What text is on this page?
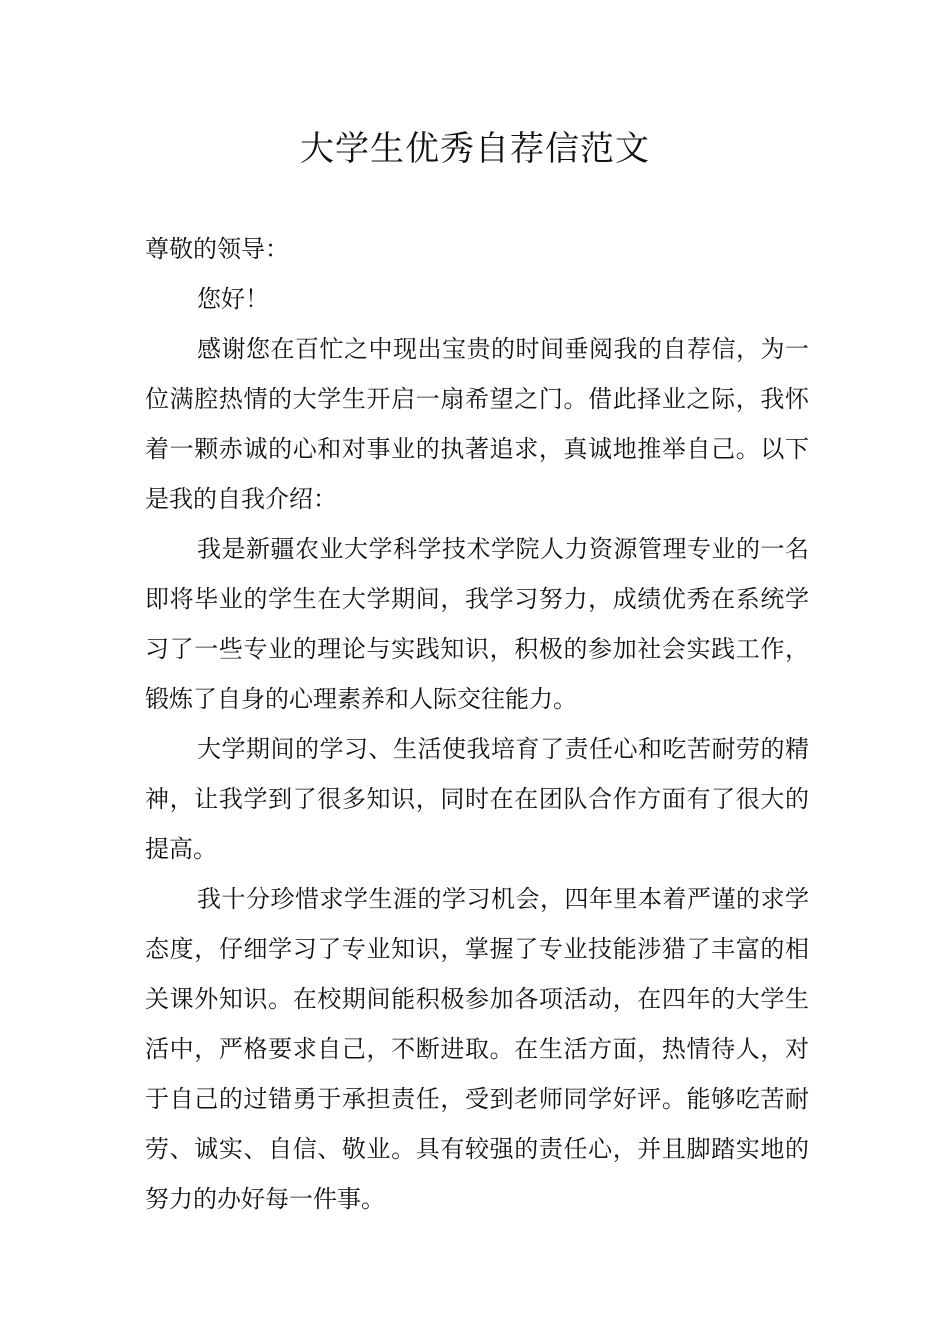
大学生优秀自荐信范文

尊敬的领导：

您好！

感谢您在百忙之中现出宝贵的时间垂阅我的自荐信，为一位满腔热情的大学生开启一扇希望之门。借此择业之际，我怀着一颗赤诚的心和对事业的执著追求，真诚地推举自己。以下是我的自我介绍：

我是新疆农业大学科学技术学院人力资源管理专业的一名即将毕业的学生在大学期间，我学习努力，成绩优秀在系统学习了一些专业的理论与实践知识，积极的参加社会实践工作，锻炼了自身的心理素养和人际交往能力。

大学期间的学习、生活使我培育了责任心和吃苦耐劳的精神，让我学到了很多知识，同时在在团队合作方面有了很大的提高。

我十分珍惜求学生涯的学习机会，四年里本着严谨的求学态度，仔细学习了专业知识，掌握了专业技能涉猎了丰富的相关课外知识。在校期间能积极参加各项活动，在四年的大学生活中，严格要求自己，不断进取。在生活方面，热情待人，对于自己的过错勇于承担责任，受到老师同学好评。能够吃苦耐劳、诚实、自信、敬业。具有较强的责任心，并且脚踏实地的努力的办好每一件事。
